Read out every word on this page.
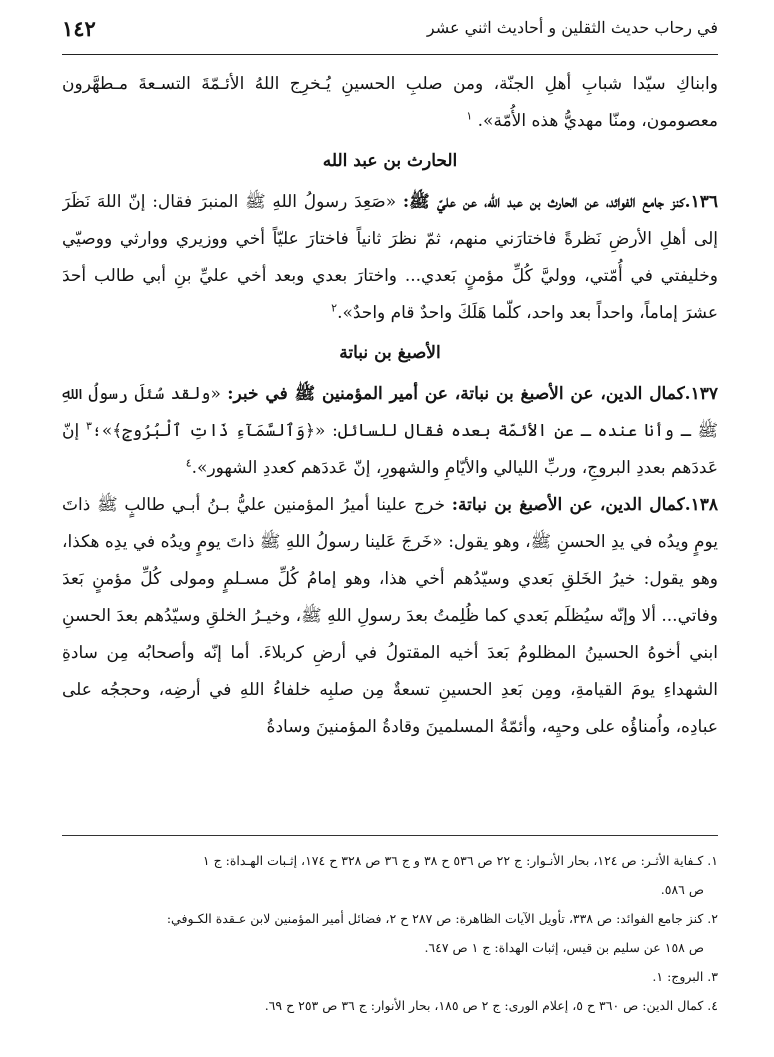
في رحاب حديث الثقلين و أحاديث اثني عشر
١٤٢

وابناكِ سيّدا شبابِ أهلِ الجنّة، ومن صلبِ الحسينِ يُـخرِج اللهُ الأئـمّةَ التسـعةَ مـطهَّرون معصومون، ومنّا مهديُّ هذه الأُمّة». $^١$

الحارث بن عبد الله

١٣٦.كنز جامع الفوائد، عن الحارث بن عبد الله، عن عليّ ﷺ: «صَعِدَ رسولُ اللهِ ﷺ المنبرَ فقال: إنّ اللهَ نَظَرَ إلى أهلِ الأرضِ نَظرةً فاختارَني منهم، ثمّ نظرَ ثانياً فاختارَ عليّاً أخي ووزيري ووارثي ووصيّي وخليفتي في أُمّتي، ووليَّ كُلِّ مؤمنٍ بَعدي... واختارَ بعدي وبعد أخي عليِّ بنِ أبي طالب أحدَ عشرَ إماماً، واحداً بعد واحد، كلّما هَلَكَ واحدٌ قام واحدٌ».$^٢$

الأصبغ بن نباتة

١٣٧.كمال الدين، عن الأصبغ بن نباتة، عن أمير المؤمنين ﷺ في خبر: «ولقد سُئلَ رسولُ اللهِ ﷺ ـ وأنا عنده ـ عن الأئمّة بعده فقال للسائل: «﴿وَٱلسَّمَآءِ ذَاتِ ٱلْبُرُوجِ﴾»؛$^٣$ إنّ عَددَهم بعددِ البروجِ، وربِّ الليالي والأيّامِ والشهورِ، إنّ عَددَهم كعددِ الشهور».$^٤$

١٣٨.كمال الدين، عن الأصبغ بن نباتة: خرج علينا أميرُ المؤمنين عليُّ بـنُ أبـي طالبٍ ﷺ ذاتَ يومٍ ويدُه في يدِ الحسنِ ﷺ، وهو يقول: «خَرجَ عَلينا رسولُ اللهِ ﷺ ذاتَ يومٍ ويدُه في يدِه هكذا، وهو يقول: خيرُ الخَلقِ بَعدي وسيّدُهم أخي هذا، وهو إمامُ كُلِّ مسـلمٍ ومولى كُلِّ مؤمنٍ بَعدَ وفاتي... ألا وإنّه سيُظلَم بَعدي كما ظُلِمتُ بعدَ رسولِ اللهِ ﷺ، وخيـرُ الخلقِ وسيّدُهم بعدَ الحسنِ ابني أخوهُ الحسينُ المظلومُ بَعدَ أخيه المقتولُ في أرضِ كربلاءَ. أما إنّه وأصحابُه مِن سادةِ الشهداءِ يومَ القيامةِ، ومِن بَعدِ الحسينِ تسعةٌ مِن صلبِه خلفاءُ اللهِ في أرضِه، وحججُه على عبادِه، واُمناؤُه على وحيِه، وأئمّةُ المسلمينَ وقادةُ المؤمنينَ وسادةُ

١. كـفاية الأثـر: ص ١٢٤، بحار الأنـوار: ج ٢٢ ص ٥٣٦ ح ٣٨ و ج ٣٦ ص ٣٢٨ ح ١٧٤، إثـبات الهـداة: ج ١

ص ٥٨٦.

٢. كنز جامع الفوائد: ص ٣٣٨، تأويل الآيات الظاهرة: ص ٢٨٧ ح ٢، فضائل أمير المؤمنين لابن عـقدة الكـوفي:

ص ١٥٨ عن سليم بن قيس، إثبات الهداة: ج ١ ص ٦٤٧.

٣. البروج: ١.

٤. كمال الدين: ص ٣٦٠ ح ٥، إعلام الورى: ج ٢ ص ١٨٥، بحار الأنوار: ج ٣٦ ص ٢٥٣ ح ٦٩.
